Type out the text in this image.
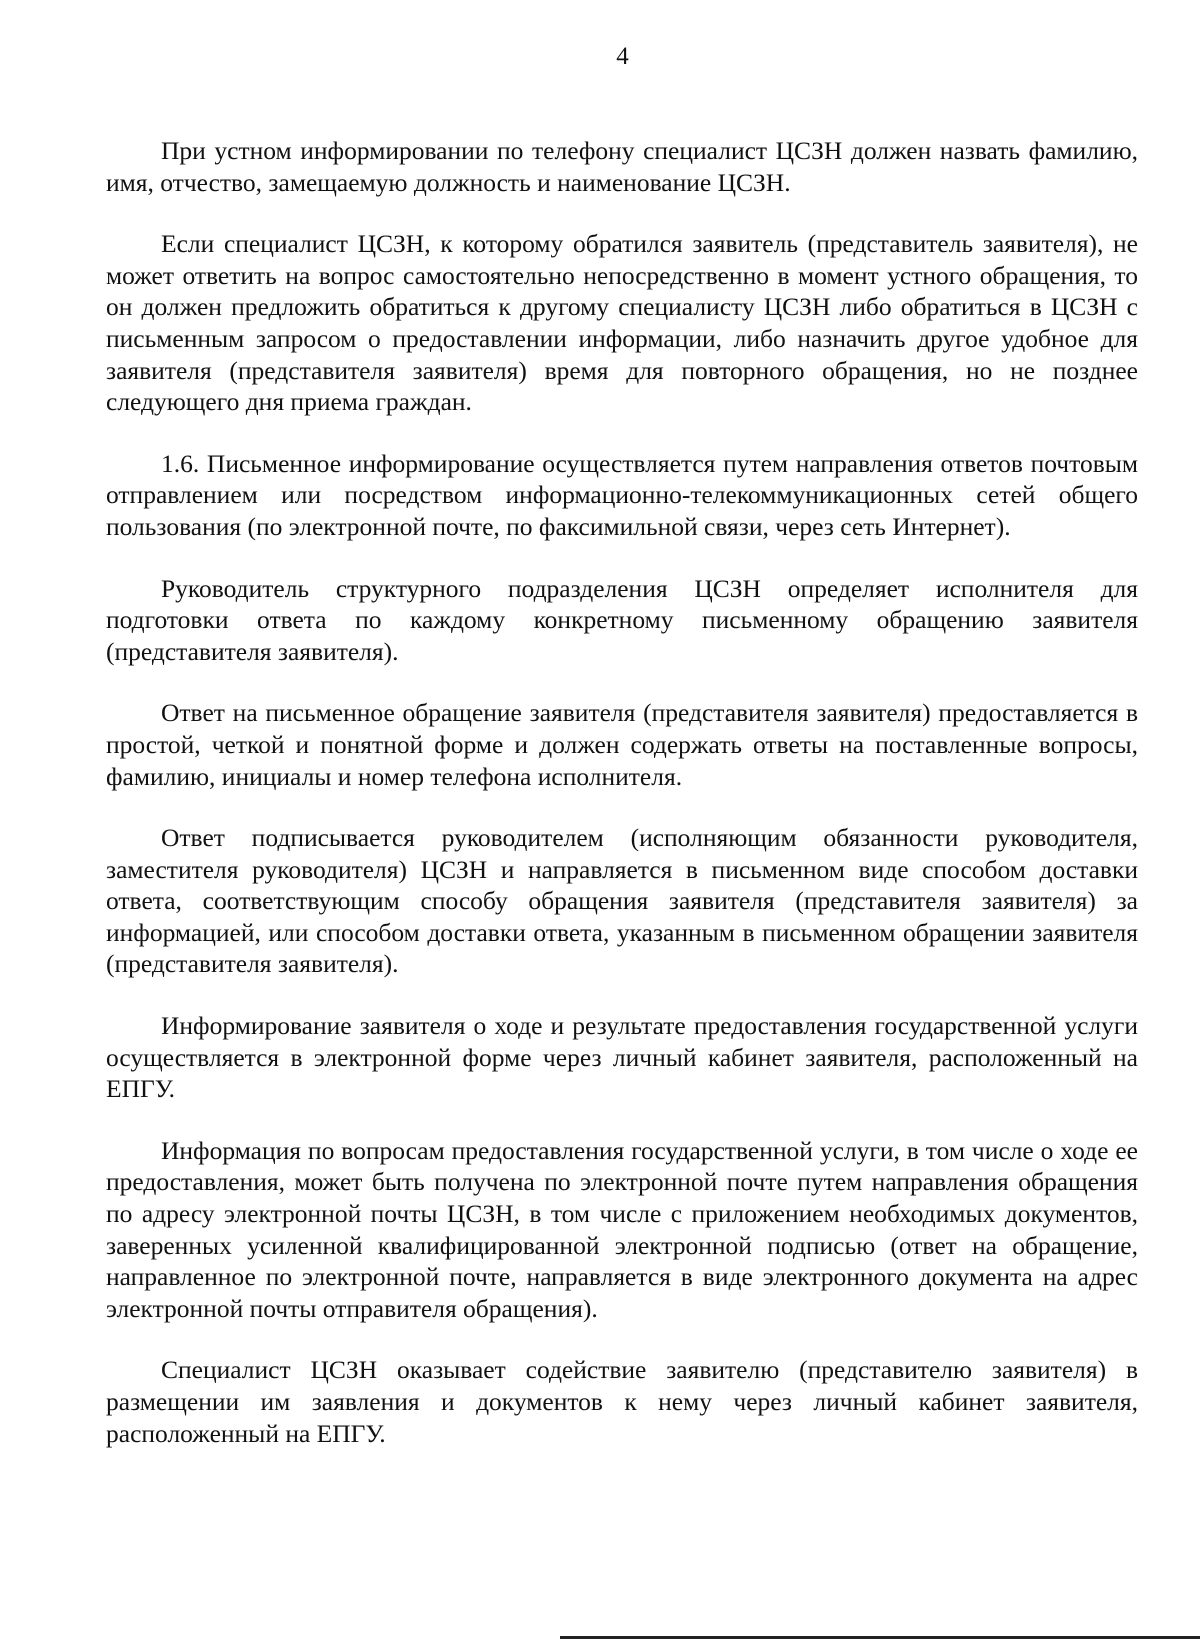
4

При устном информировании по телефону специалист ЦСЗН должен назвать фамилию, имя, отчество, замещаемую должность и наименование ЦСЗН.

Если специалист ЦСЗН, к которому обратился заявитель (представитель заявителя), не может ответить на вопрос самостоятельно непосредственно в момент устного обращения, то он должен предложить обратиться к другому специалисту ЦСЗН либо обратиться в ЦСЗН с письменным запросом о предоставлении информации, либо назначить другое удобное для заявителя (представителя заявителя) время для повторного обращения, но не позднее следующего дня приема граждан.

1.6. Письменное информирование осуществляется путем направления ответов почтовым отправлением или посредством информационно-телекоммуникационных сетей общего пользования (по электронной почте, по факсимильной связи, через сеть Интернет).

Руководитель структурного подразделения ЦСЗН определяет исполнителя для подготовки ответа по каждому конкретному письменному обращению заявителя (представителя заявителя).

Ответ на письменное обращение заявителя (представителя заявителя) предоставляется в простой, четкой и понятной форме и должен содержать ответы на поставленные вопросы, фамилию, инициалы и номер телефона исполнителя.

Ответ подписывается руководителем (исполняющим обязанности руководителя, заместителя руководителя) ЦСЗН и направляется в письменном виде способом доставки ответа, соответствующим способу обращения заявителя (представителя заявителя) за информацией, или способом доставки ответа, указанным в письменном обращении заявителя (представителя заявителя).

Информирование заявителя о ходе и результате предоставления государственной услуги осуществляется в электронной форме через личный кабинет заявителя, расположенный на ЕПГУ.

Информация по вопросам предоставления государственной услуги, в том числе о ходе ее предоставления, может быть получена по электронной почте путем направления обращения по адресу электронной почты ЦСЗН, в том числе с приложением необходимых документов, заверенных усиленной квалифицированной электронной подписью (ответ на обращение, направленное по электронной почте, направляется в виде электронного документа на адрес электронной почты отправителя обращения).

Специалист ЦСЗН оказывает содействие заявителю (представителю заявителя) в размещении им заявления и документов к нему через личный кабинет заявителя, расположенный на ЕПГУ.
